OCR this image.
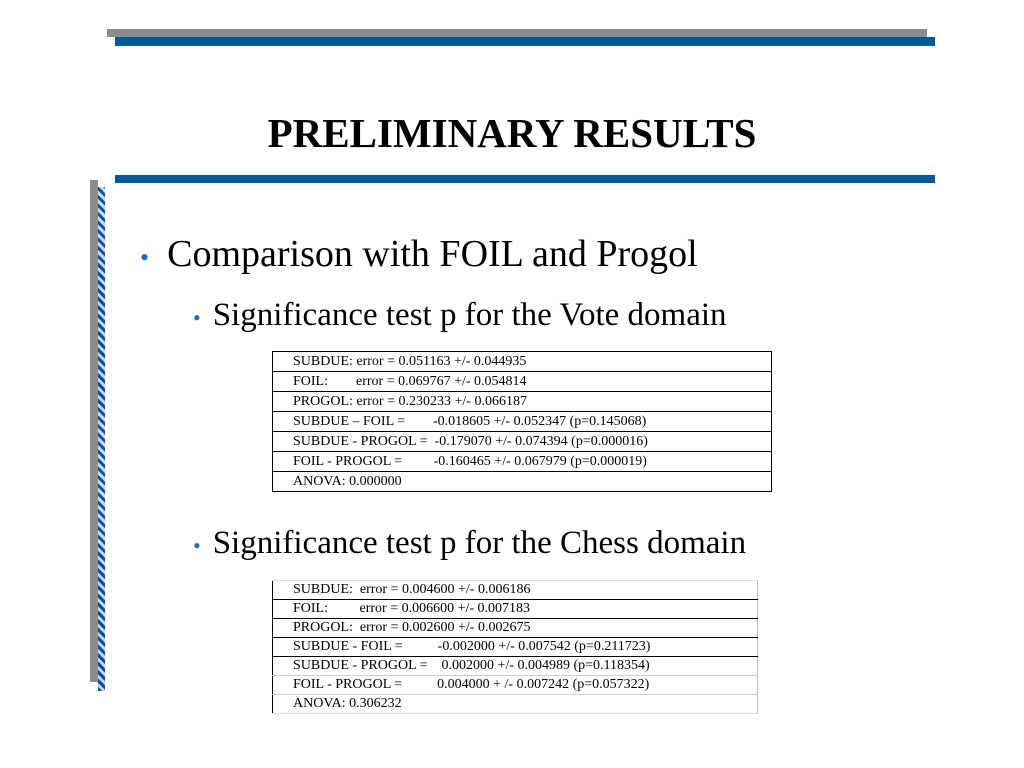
PRELIMINARY RESULTS
• Comparison with FOIL and Progol
• Significance test p for the Vote domain
SUBDUE: error = 0.051163 +/- 0.044935
FOIL:        error = 0.069767 +/- 0.054814
PROGOL: error = 0.230233 +/- 0.066187
SUBDUE – FOIL =        -0.018605 +/- 0.052347 (p=0.145068)
SUBDUE - PROGOL =  -0.179070 +/- 0.074394 (p=0.000016)
FOIL - PROGOL =         -0.160465 +/- 0.067979 (p=0.000019)
ANOVA: 0.000000
• Significance test p for the Chess domain
SUBDUE:  error = 0.004600 +/- 0.006186
FOIL:         error = 0.006600 +/- 0.007183
PROGOL:  error = 0.002600 +/- 0.002675
SUBDUE - FOIL =          -0.002000 +/- 0.007542 (p=0.211723)
SUBDUE - PROGOL =    0.002000 +/- 0.004989 (p=0.118354)
FOIL - PROGOL =          0.004000 + /- 0.007242 (p=0.057322)
ANOVA: 0.306232
